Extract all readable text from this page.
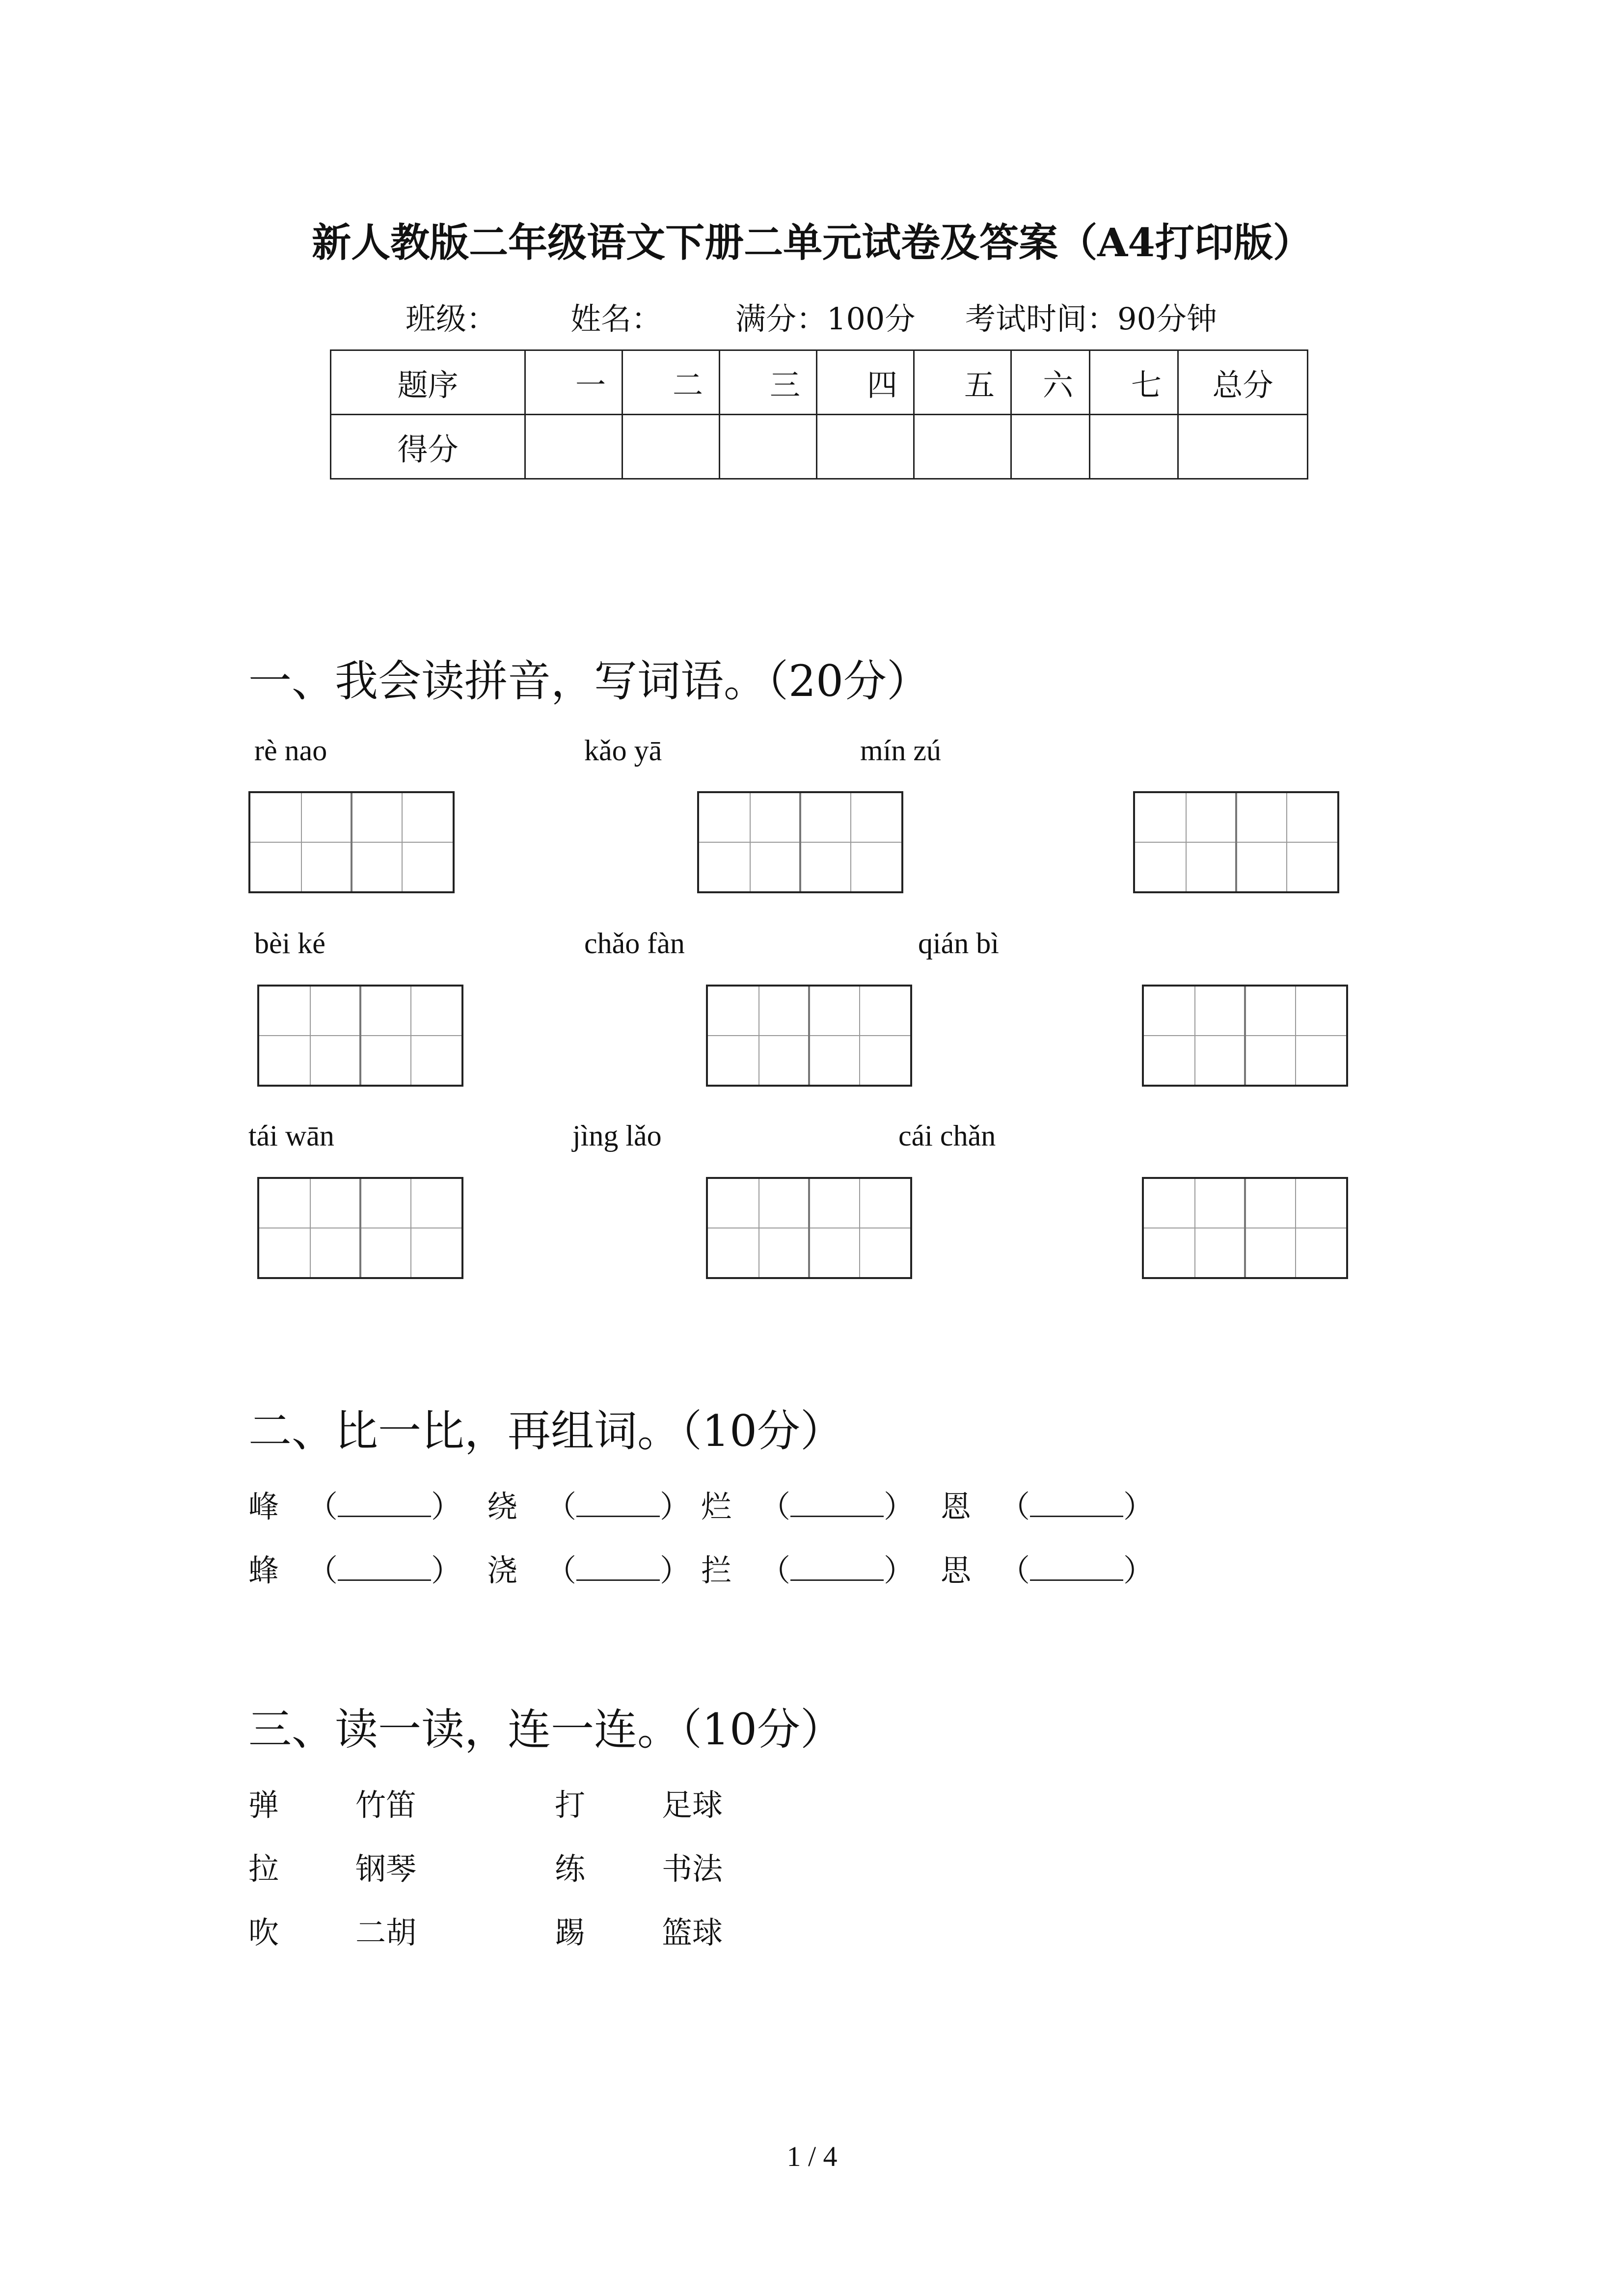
新人教版二年级语文下册二单元试卷及答案（A4打印版）
班级： 姓名： 满分：100分 考试时间：90分钟
题序	一	二	三	四	五	六	七	总分
得分								
一、我会读拼音，写词语。（20分）
rè nao	kǎo yā	mín zú
bèi ké	chǎo fàn	qián bì
tái wān	jìng lǎo	cái chǎn
二、比一比，再组词。（10分）
峰 （	） 绕 （	） 烂 （	） 恩 （	）
蜂 （	） 浇 （	） 拦 （	） 思 （	）
三、读一读，连一连。（10分）
弹	竹笛	打	足球
拉	钢琴	练	书法
吹	二胡	踢	篮球
1 / 4
